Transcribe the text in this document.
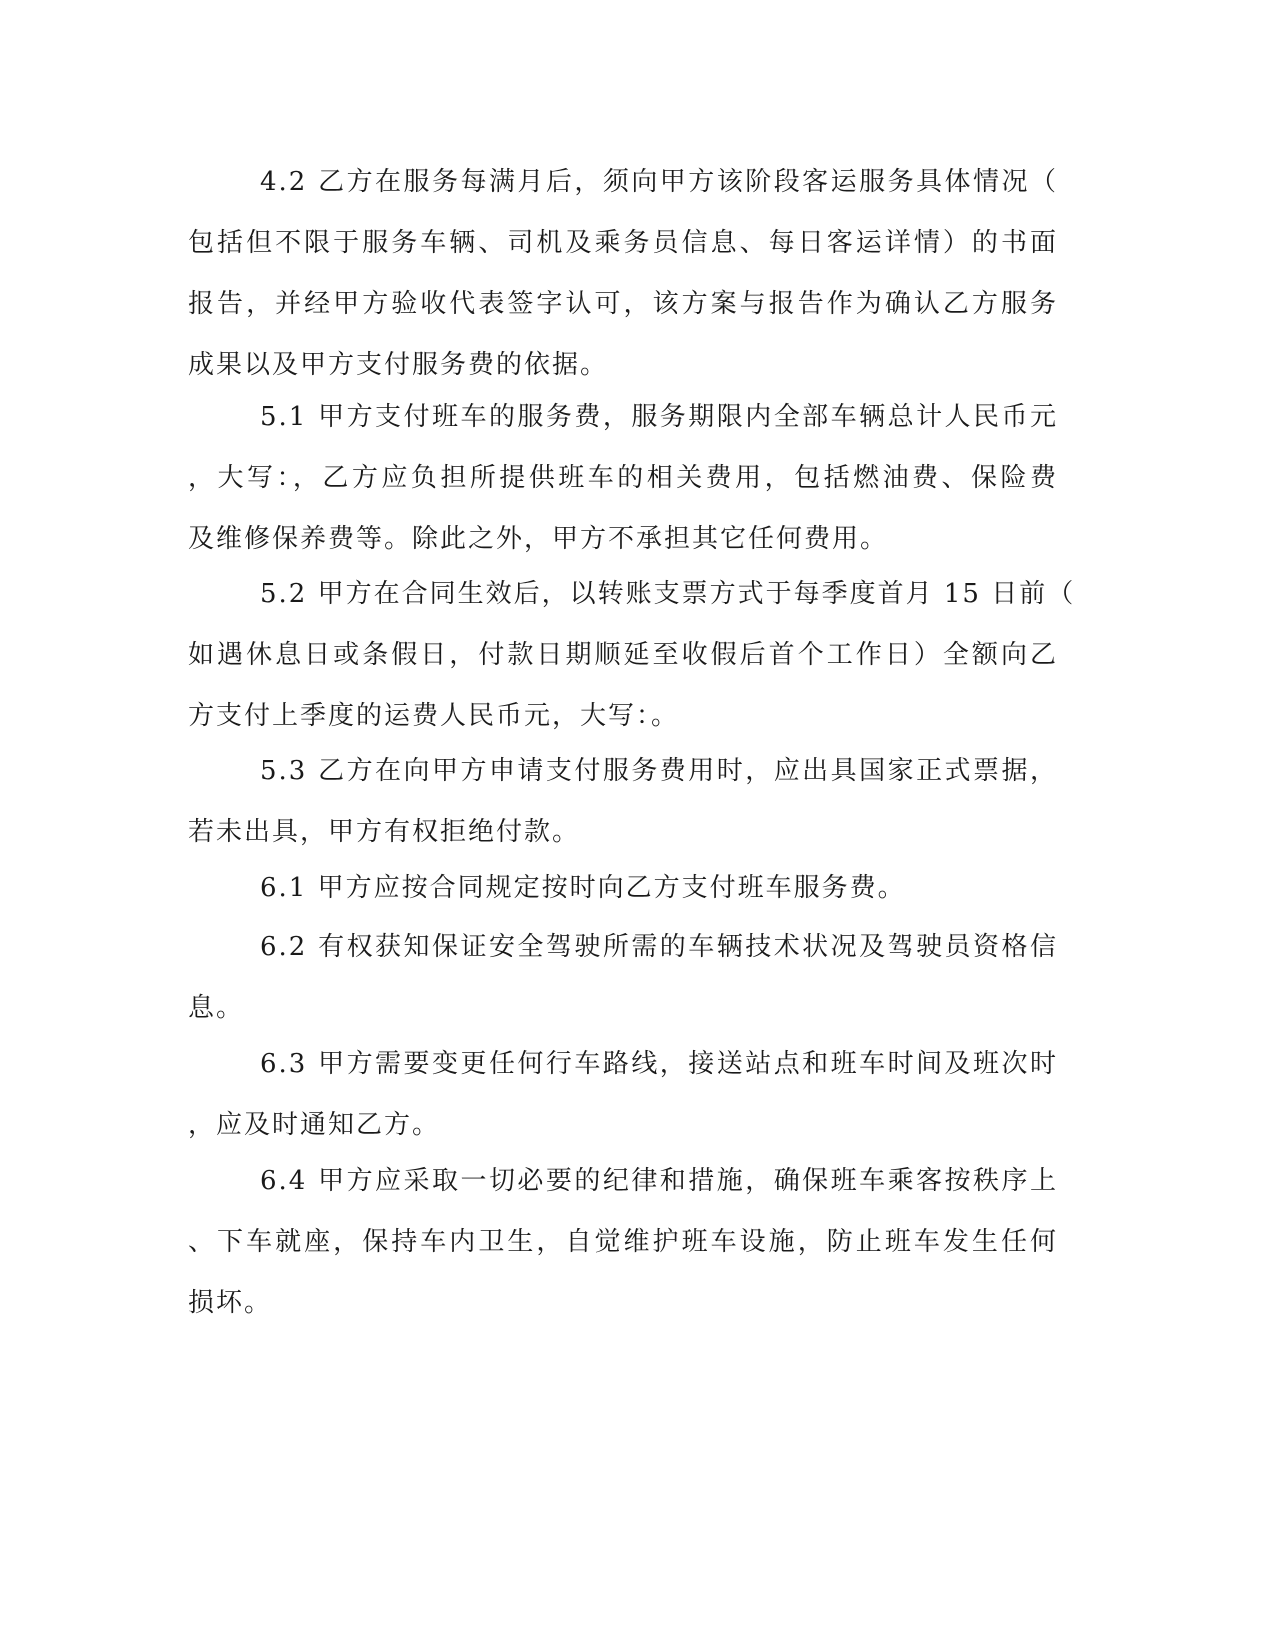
4.2 乙方在服务每满月后，须向甲方该阶段客运服务具体情况（
包括但不限于服务车辆、司机及乘务员信息、每日客运详情）的书面
报告，并经甲方验收代表签字认可，该方案与报告作为确认乙方服务
成果以及甲方支付服务费的依据。

5.1 甲方支付班车的服务费，服务期限内全部车辆总计人民币元
，大写：，乙方应负担所提供班车的相关费用，包括燃油费、保险费
及维修保养费等。除此之外，甲方不承担其它任何费用。

5.2 甲方在合同生效后，以转账支票方式于每季度首月 15 日前（
如遇休息日或条假日，付款日期顺延至收假后首个工作日）全额向乙
方支付上季度的运费人民币元，大写：。

5.3 乙方在向甲方申请支付服务费用时，应出具国家正式票据，
若未出具，甲方有权拒绝付款。

6.1 甲方应按合同规定按时向乙方支付班车服务费。

6.2 有权获知保证安全驾驶所需的车辆技术状况及驾驶员资格信
息。

6.3 甲方需要变更任何行车路线，接送站点和班车时间及班次时
，应及时通知乙方。

6.4 甲方应采取一切必要的纪律和措施，确保班车乘客按秩序上
、下车就座，保持车内卫生，自觉维护班车设施，防止班车发生任何
损坏。
